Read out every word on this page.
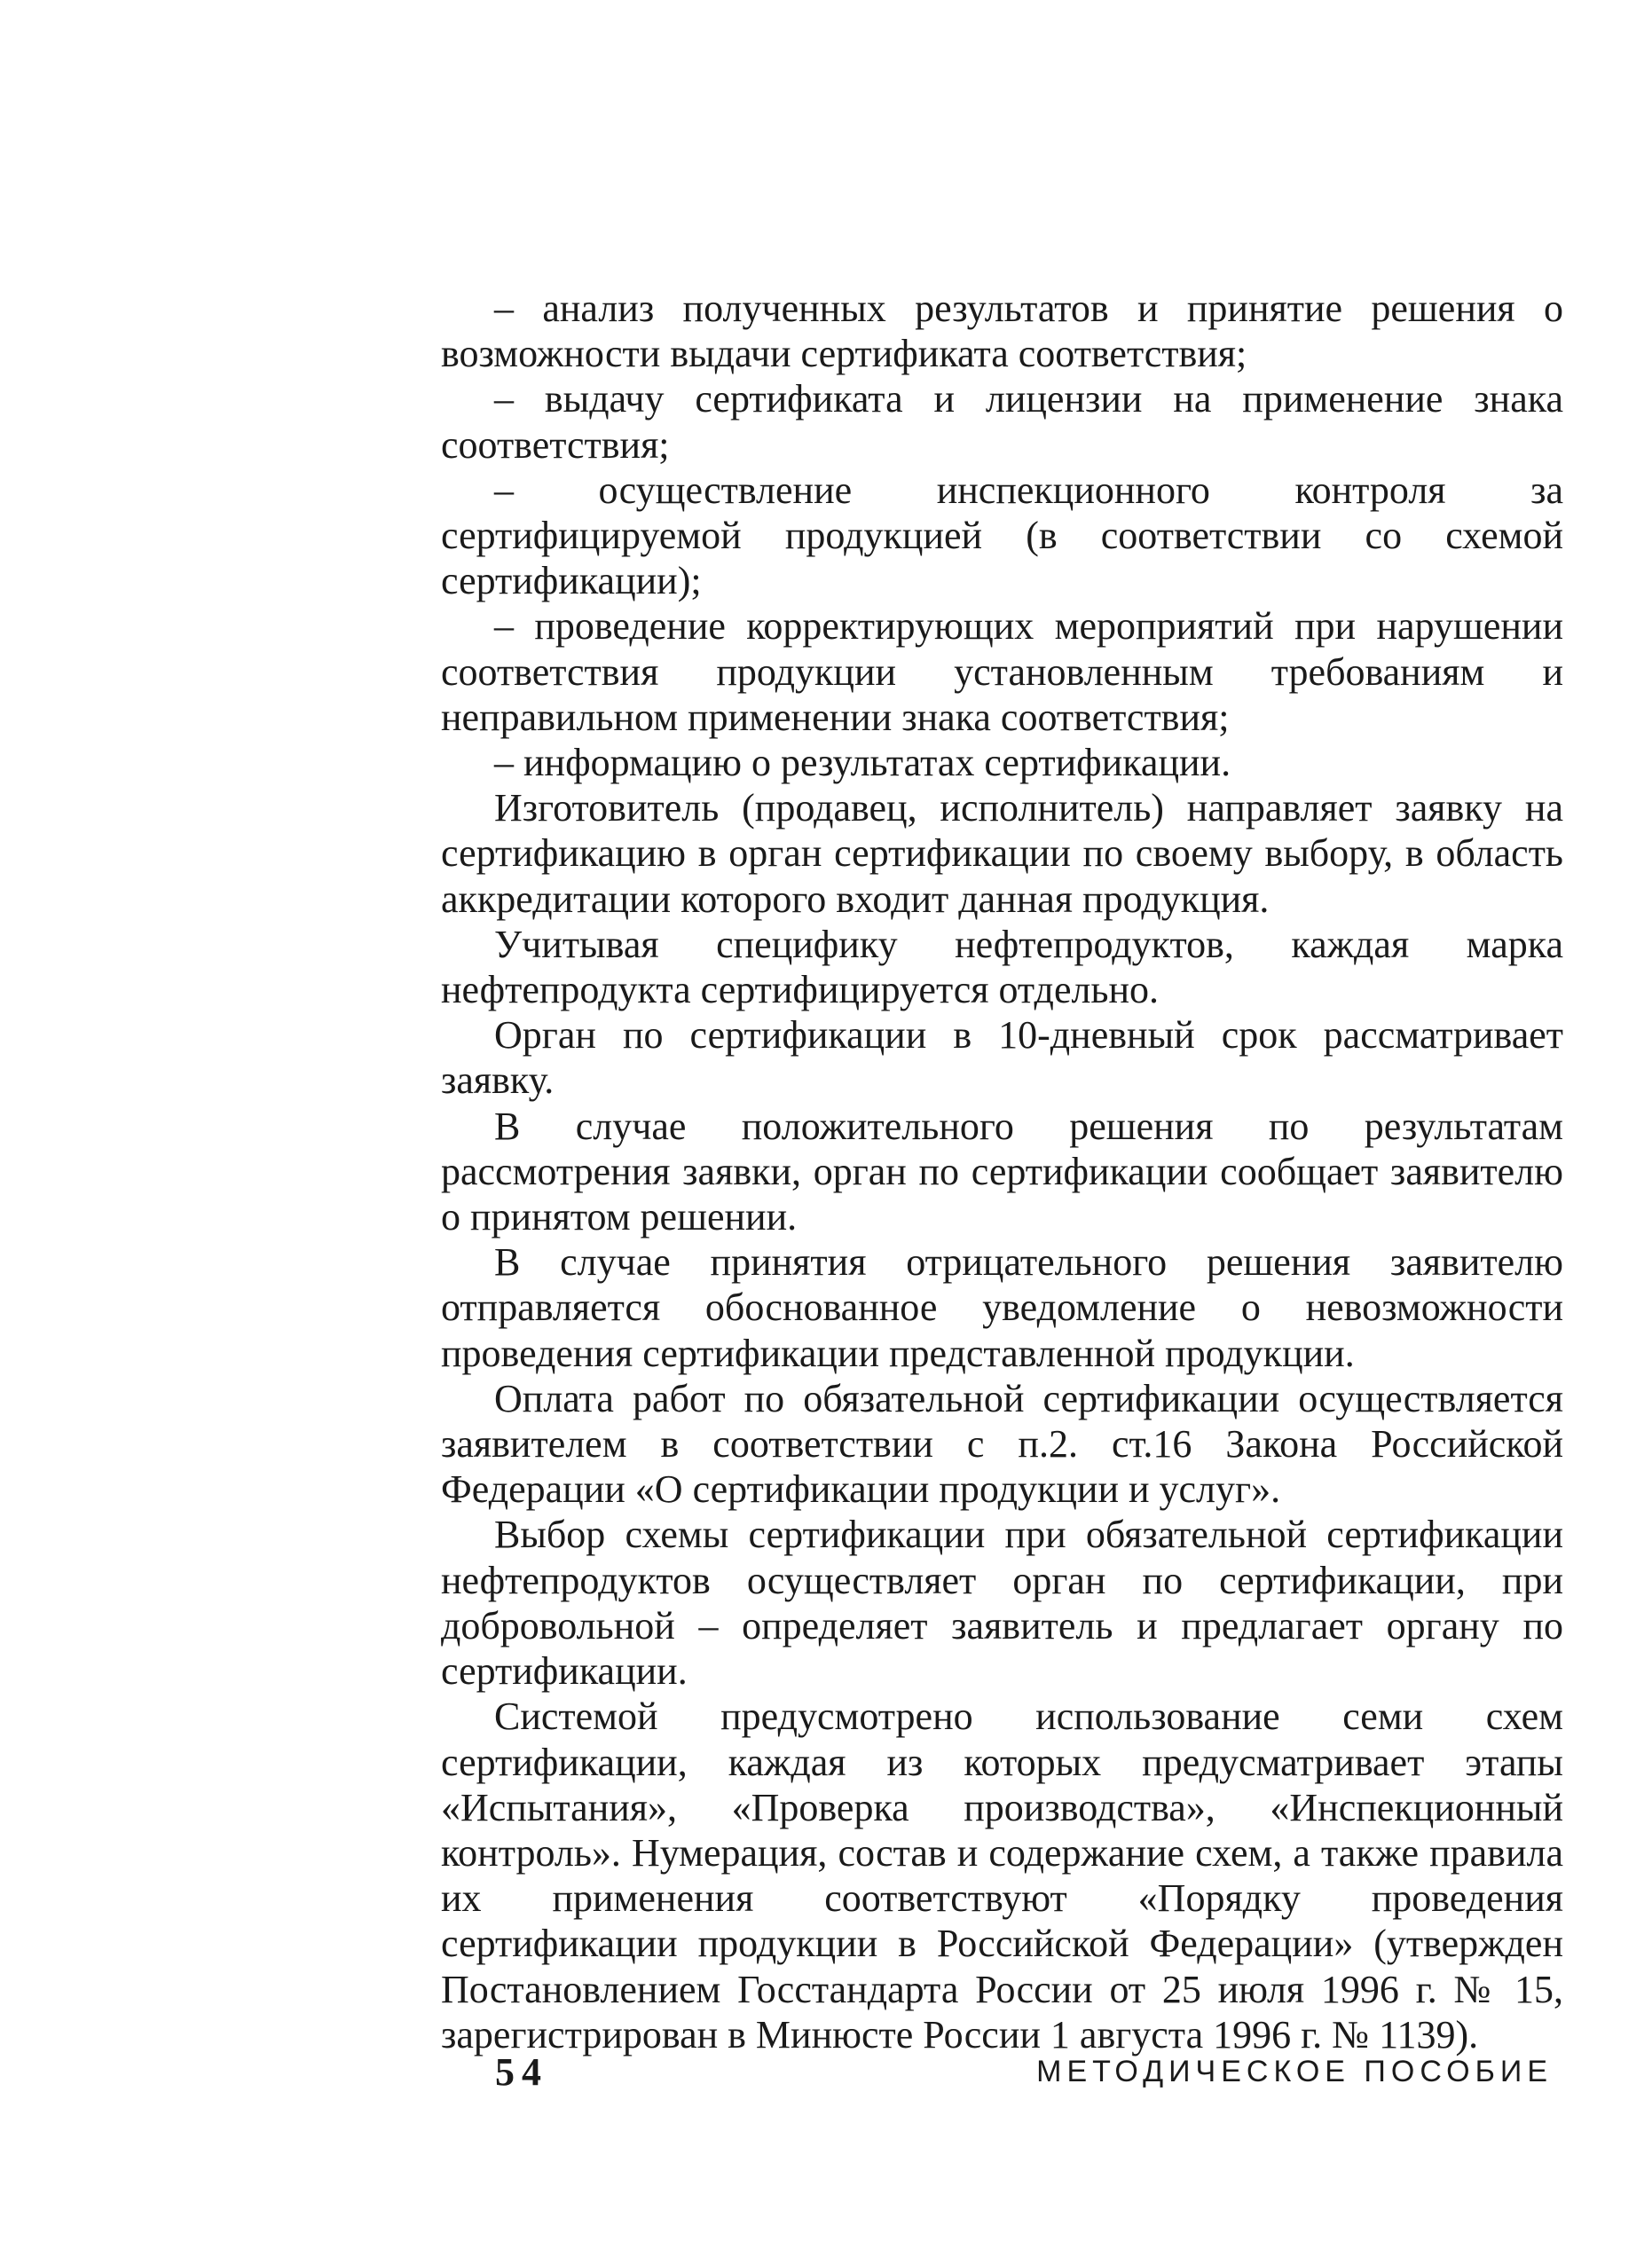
– анализ полученных результатов и принятие решения о возможности выдачи сертификата соответствия;

– выдачу сертификата и лицензии на применение знака соответствия;

– осуществление инспекционного контроля за сертифицируемой продукцией (в соответствии со схемой сертификации);

– проведение корректирующих мероприятий при нарушении соответствия продукции установленным требованиям и неправильном применении знака соответствия;

– информацию о результатах сертификации.

Изготовитель (продавец, исполнитель) направляет заявку на сертификацию в орган сертификации по своему выбору, в область аккредитации которого входит данная продукция.

Учитывая специфику нефтепродуктов, каждая марка нефтепродукта сертифицируется отдельно.

Орган по сертификации в 10-дневный срок рассматривает заявку.

В случае положительного решения по результатам рассмотрения заявки, орган по сертификации сообщает заявителю о принятом решении.

В случае принятия отрицательного решения заявителю отправляется обоснованное уведомление о невозможности проведения сертификации представленной продукции.

Оплата работ по обязательной сертификации осуществляется заявителем в соответствии с п.2. ст.16 Закона Российской Федерации «О сертификации продукции и услуг».

Выбор схемы сертификации при обязательной сертификации нефтепродуктов осуществляет орган по сертификации, при добровольной – определяет заявитель и предлагает органу по сертификации.

Системой предусмотрено использование семи схем сертификации, каждая из которых предусматривает этапы «Испытания», «Проверка производства», «Инспекционный контроль». Нумерация, состав и содержание схем, а также правила их применения соответствуют «Порядку проведения сертификации продукции в Российской Федерации» (утвержден Постановлением Госстандарта России от 25 июля 1996 г. № 15, зарегистрирован в Минюсте России 1 августа 1996 г. № 1139).

54	МЕТОДИЧЕСКОЕ ПОСОБИЕ
